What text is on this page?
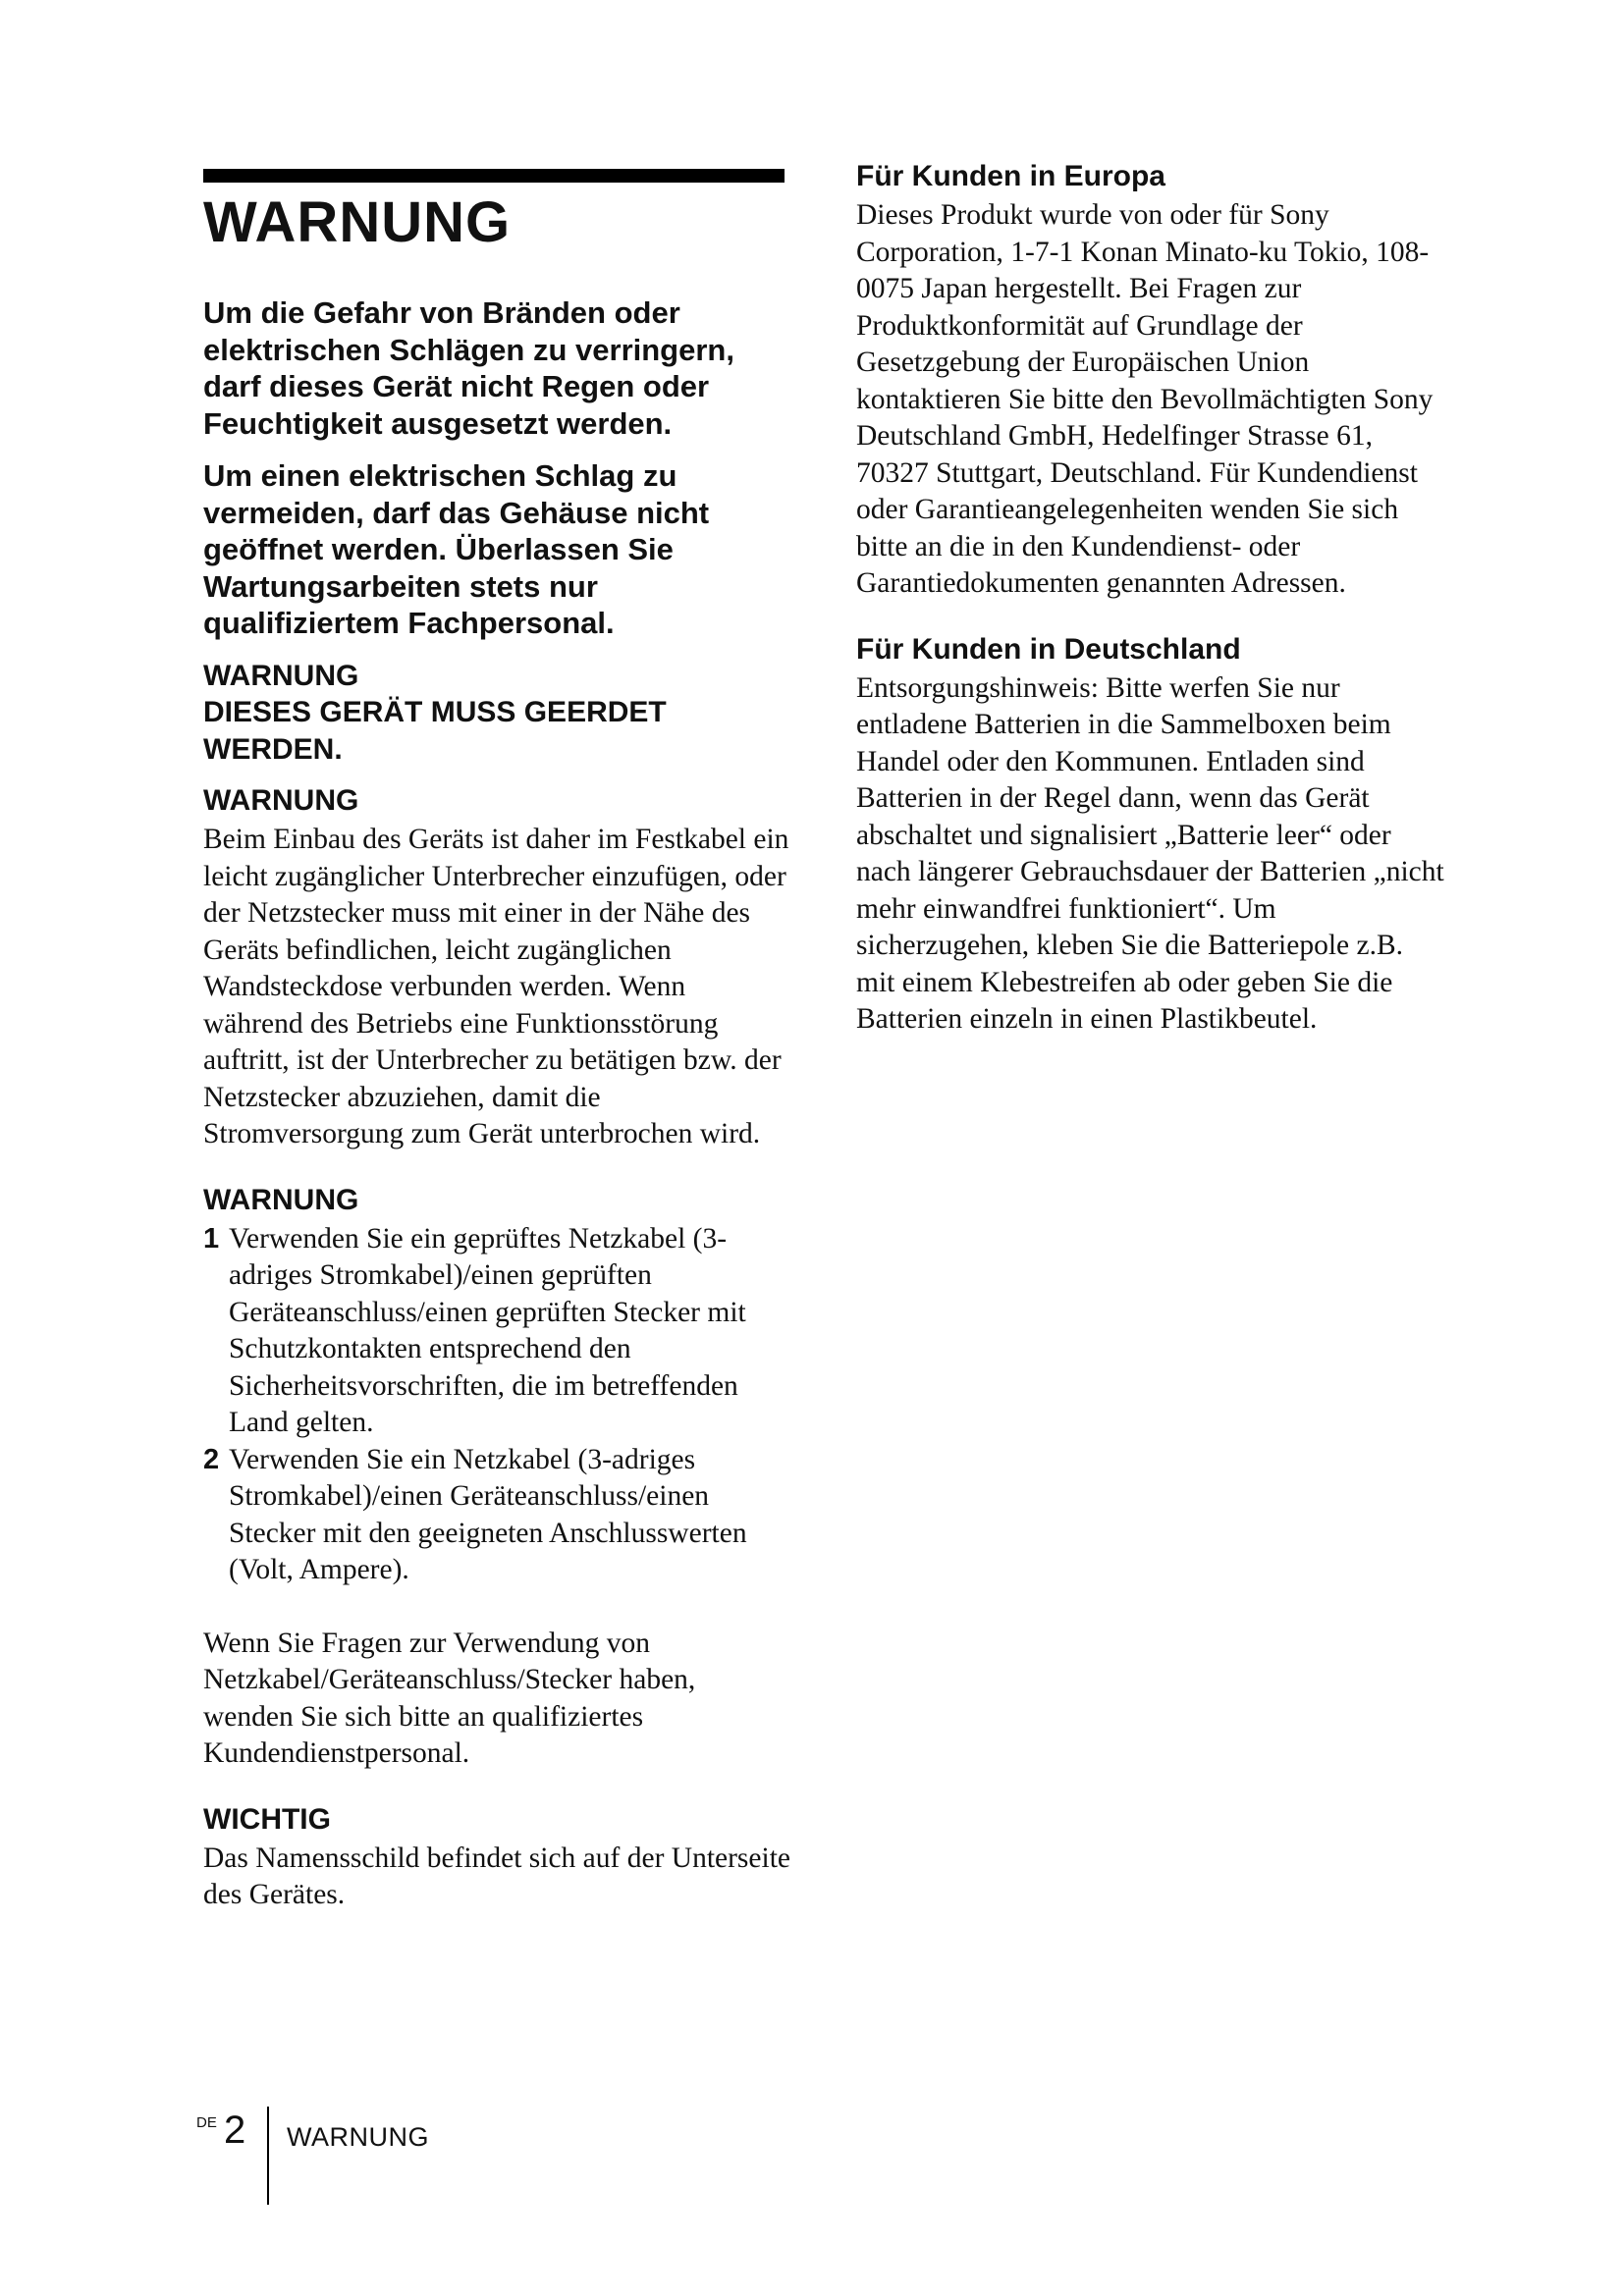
WARNUNG

Um die Gefahr von Bränden oder elektrischen Schlägen zu verringern, darf dieses Gerät nicht Regen oder Feuchtigkeit ausgesetzt werden.

Um einen elektrischen Schlag zu vermeiden, darf das Gehäuse nicht geöffnet werden. Überlassen Sie Wartungsarbeiten stets nur qualifiziertem Fachpersonal.

WARNUNG
DIESES GERÄT MUSS GEERDET WERDEN.
WARNUNG

Beim Einbau des Geräts ist daher im Festkabel ein leicht zugänglicher Unterbrecher einzufügen, oder der Netzstecker muss mit einer in der Nähe des Geräts befindlichen, leicht zugänglichen Wandsteckdose verbunden werden. Wenn während des Betriebs eine Funktionsstörung auftritt, ist der Unterbrecher zu betätigen bzw. der Netzstecker abzuziehen, damit die Stromversorgung zum Gerät unterbrochen wird.

WARNUNG
1 Verwenden Sie ein geprüftes Netzkabel (3-adriges Stromkabel)/einen geprüften Geräteanschluss/einen geprüften Stecker mit Schutzkontakten entsprechend den Sicherheitsvorschriften, die im betreffenden Land gelten.
2 Verwenden Sie ein Netzkabel (3-adriges Stromkabel)/einen Geräteanschluss/einen Stecker mit den geeigneten Anschlusswerten (Volt, Ampere).

Wenn Sie Fragen zur Verwendung von Netzkabel/Geräteanschluss/Stecker haben, wenden Sie sich bitte an qualifiziertes Kundendienstpersonal.

WICHTIG

Das Namensschild befindet sich auf der Unterseite des Gerätes.

Für Kunden in Europa

Dieses Produkt wurde von oder für Sony Corporation, 1-7-1 Konan Minato-ku Tokio, 108-0075 Japan hergestellt. Bei Fragen zur Produktkonformität auf Grundlage der Gesetzgebung der Europäischen Union kontaktieren Sie bitte den Bevollmächtigten Sony Deutschland GmbH, Hedelfinger Strasse 61, 70327 Stuttgart, Deutschland. Für Kundendienst oder Garantieangelegenheiten wenden Sie sich bitte an die in den Kundendienst- oder Garantiedokumenten genannten Adressen.

Für Kunden in Deutschland

Entsorgungshinweis: Bitte werfen Sie nur entladene Batterien in die Sammelboxen beim Handel oder den Kommunen. Entladen sind Batterien in der Regel dann, wenn das Gerät abschaltet und signalisiert „Batterie leer“ oder nach längerer Gebrauchsdauer der Batterien „nicht mehr einwandfrei funktioniert“. Um sicherzugehen, kleben Sie die Batteriepole z.B. mit einem Klebestreifen ab oder geben Sie die Batterien einzeln in einen Plastikbeutel.

DE 2 WARNUNG
